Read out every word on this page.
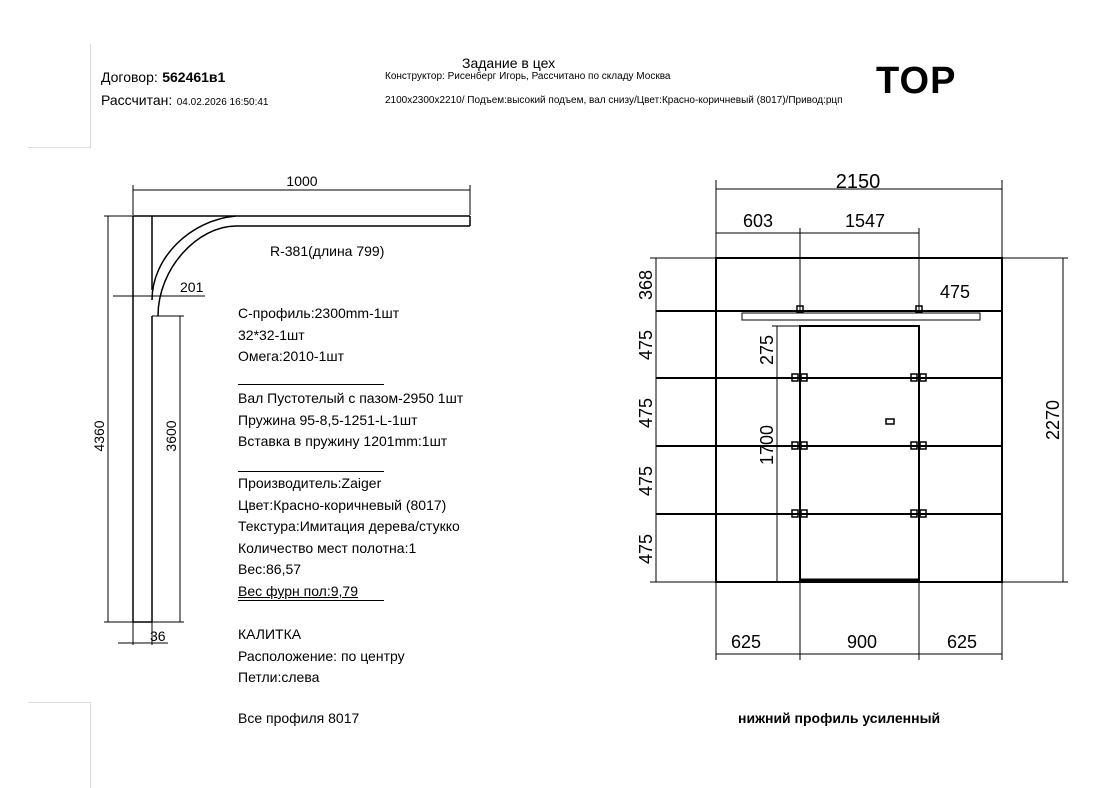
Договор: 562461в1
Рассчитан: 04.02.2026 16:50:41
Задание в цех
Конструктор: Рисенберг Игорь, Рассчитано по складу Москва
2100x2300x2210/ Подъем:высокий подъем, вал снизу/Цвет:Красно-коричневый (8017)/Привод:рцп TOP
1000
R-381(длина 799)
201
4360	3600
36
С-профиль:2300mm-1шт
32*32-1шт
Омега:2010-1шт
Вал Пустотелый с пазом-2950 1шт
Пружина 95-8,5-1251-L-1шт
Вставка в пружину 1201mm:1шт
Производитель:Zaiger
Цвет:Красно-коричневый (8017)
Текстура:Имитация дерева/стукко
Количество мест полотна:1
Вес:86,57
Вес фурн пол:9,79
КАЛИТКА
Расположение: по центру
Петли:слева
Все профиля 8017
2150
603	1547
475
368
475
475
475
475
275
1700
2270
625	900	625
нижний профиль усиленный
